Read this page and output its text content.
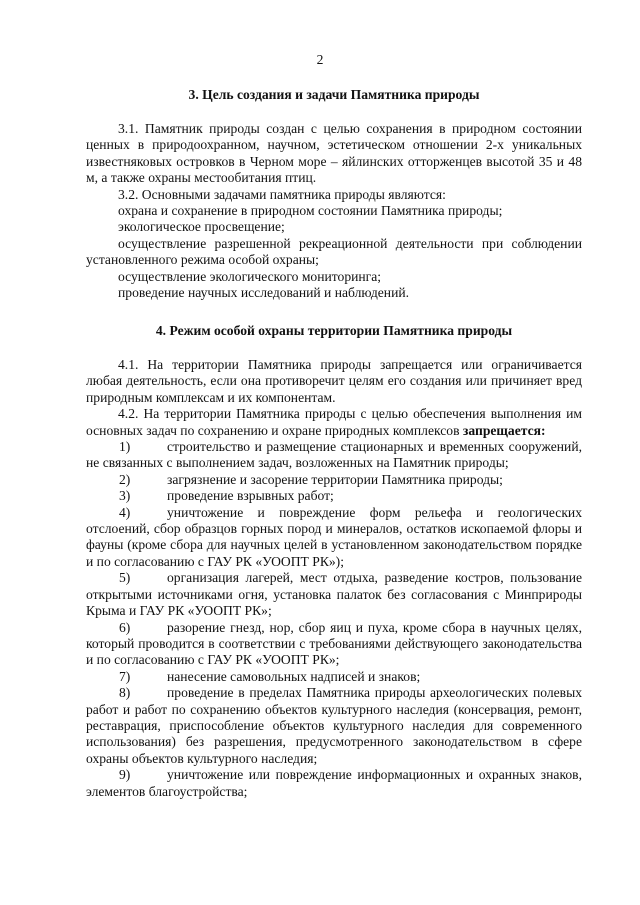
2
3. Цель создания и задачи Памятника природы

3.1. Памятник природы создан с целью сохранения в природном состоянии ценных в природоохранном, научном, эстетическом отношении 2-х уникальных известняковых островков в Черном море – яйлинских отторженцев высотой 35 и 48 м, а также охраны местообитания птиц.

3.2. Основными задачами памятника природы являются:

охрана и сохранение в природном состоянии Памятника природы;

экологическое просвещение;

осуществление разрешенной рекреационной деятельности при соблюдении установленного режима особой охраны;

осуществление экологического мониторинга;

проведение научных исследований и наблюдений.

4. Режим особой охраны территории Памятника природы

4.1. На территории Памятника природы запрещается или ограничивается любая деятельность, если она противоречит целям его создания или причиняет вред природным комплексам и их компонентам.

4.2. На территории Памятника природы с целью обеспечения выполнения им основных задач по сохранению и охране природных комплексов запрещается:

1)	строительство и размещение стационарных и временных сооружений, не связанных с выполнением задач, возложенных на Памятник природы;

2)	загрязнение и засорение территории Памятника природы;

3)	проведение взрывных работ;

4)	уничтожение и повреждение форм рельефа и геологических отслоений, сбор образцов горных пород и минералов, остатков ископаемой флоры и фауны (кроме сбора для научных целей в установленном законодательством порядке и по согласованию с ГАУ РК «УООПТ РК»);

5)	организация лагерей, мест отдыха, разведение костров, пользование открытыми источниками огня, установка палаток без согласования с Минприроды Крыма и ГАУ РК «УООПТ РК»;

6)	разорение гнезд, нор, сбор яиц и пуха, кроме сбора в научных целях, который проводится в соответствии с требованиями действующего законодательства и по согласованию с ГАУ РК «УООПТ РК»;

7)	нанесение самовольных надписей и знаков;

8)	проведение в пределах Памятника природы археологических полевых работ и работ по сохранению объектов культурного наследия (консервация, ремонт, реставрация, приспособление объектов культурного наследия для современного использования) без разрешения, предусмотренного законодательством в сфере охраны объектов культурного наследия;

9)	уничтожение или повреждение информационных и охранных знаков, элементов благоустройства;
